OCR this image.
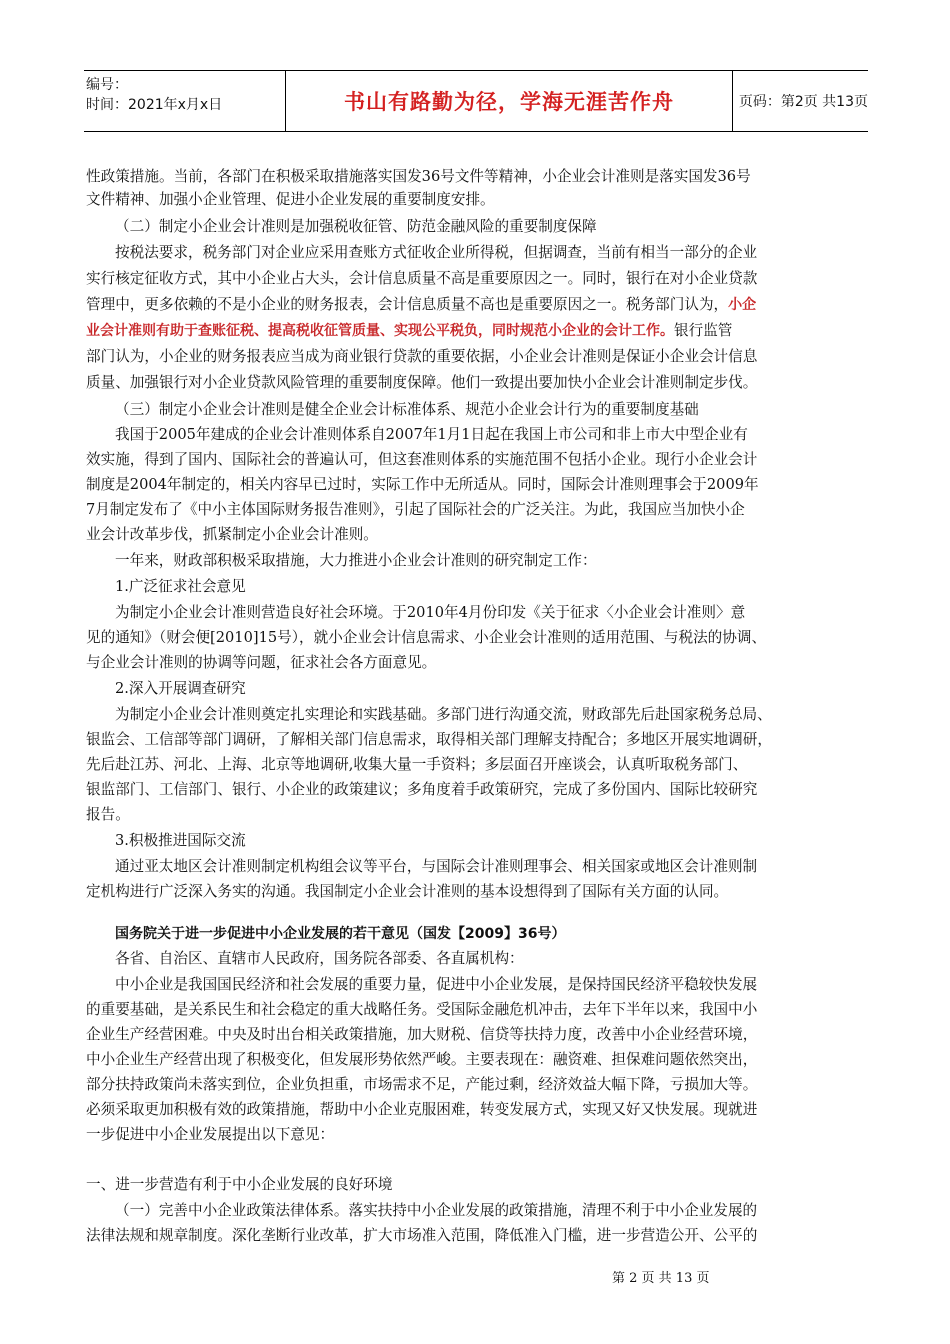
编号：
时间：2021年x月x日	书山有路勤为径，学海无涯苦作舟	页码：第2页 共13页
性政策措施。当前，各部门在积极采取措施落实国发36号文件等精神，小企业会计准则是落实国发36号
文件精神、加强小企业管理、促进小企业发展的重要制度安排。
（二）制定小企业会计准则是加强税收征管、防范金融风险的重要制度保障
按税法要求，税务部门对企业应采用查账方式征收企业所得税，但据调查，当前有相当一部分的企业
实行核定征收方式，其中小企业占大头，会计信息质量不高是重要原因之一。同时，银行在对小企业贷款
管理中，更多依赖的不是小企业的财务报表，会计信息质量不高也是重要原因之一。税务部门认为，小企
业会计准则有助于查账征税、提高税收征管质量、实现公平税负，同时规范小企业的会计工作。银行监管
部门认为，小企业的财务报表应当成为商业银行贷款的重要依据，小企业会计准则是保证小企业会计信息
质量、加强银行对小企业贷款风险管理的重要制度保障。他们一致提出要加快小企业会计准则制定步伐。
（三）制定小企业会计准则是健全企业会计标准体系、规范小企业会计行为的重要制度基础
我国于2005年建成的企业会计准则体系自2007年1月1日起在我国上市公司和非上市大中型企业有
效实施，得到了国内、国际社会的普遍认可，但这套准则体系的实施范围不包括小企业。现行小企业会计
制度是2004年制定的，相关内容早已过时，实际工作中无所适从。同时，国际会计准则理事会于2009年
7月制定发布了《中小主体国际财务报告准则》，引起了国际社会的广泛关注。为此，我国应当加快小企
业会计改革步伐，抓紧制定小企业会计准则。
一年来，财政部积极采取措施，大力推进小企业会计准则的研究制定工作：
1.广泛征求社会意见
为制定小企业会计准则营造良好社会环境。于2010年4月份印发《关于征求〈小企业会计准则〉意
见的通知》（财会便[2010]15号），就小企业会计信息需求、小企业会计准则的适用范围、与税法的协调、
与企业会计准则的协调等问题，征求社会各方面意见。
2.深入开展调查研究
为制定小企业会计准则奠定扎实理论和实践基础。多部门进行沟通交流，财政部先后赴国家税务总局、
银监会、工信部等部门调研，了解相关部门信息需求，取得相关部门理解支持配合；多地区开展实地调研，
先后赴江苏、河北、上海、北京等地调研,收集大量一手资料；多层面召开座谈会，认真听取税务部门、
银监部门、工信部门、银行、小企业的政策建议；多角度着手政策研究，完成了多份国内、国际比较研究
报告。
3.积极推进国际交流
通过亚太地区会计准则制定机构组会议等平台，与国际会计准则理事会、相关国家或地区会计准则制
定机构进行广泛深入务实的沟通。我国制定小企业会计准则的基本设想得到了国际有关方面的认同。
国务院关于进一步促进中小企业发展的若干意见（国发【2009】36号）
各省、自治区、直辖市人民政府，国务院各部委、各直属机构：
中小企业是我国国民经济和社会发展的重要力量，促进中小企业发展，是保持国民经济平稳较快发展
的重要基础，是关系民生和社会稳定的重大战略任务。受国际金融危机冲击，去年下半年以来，我国中小
企业生产经营困难。中央及时出台相关政策措施，加大财税、信贷等扶持力度，改善中小企业经营环境，
中小企业生产经营出现了积极变化，但发展形势依然严峻。主要表现在：融资难、担保难问题依然突出，
部分扶持政策尚未落实到位，企业负担重，市场需求不足，产能过剩，经济效益大幅下降，亏损加大等。
必须采取更加积极有效的政策措施，帮助中小企业克服困难，转变发展方式，实现又好又快发展。现就进
一步促进中小企业发展提出以下意见：
一、进一步营造有利于中小企业发展的良好环境
（一）完善中小企业政策法律体系。落实扶持中小企业发展的政策措施，清理不利于中小企业发展的
法律法规和规章制度。深化垄断行业改革，扩大市场准入范围，降低准入门槛，进一步营造公开、公平的
第 2 页 共 13 页
